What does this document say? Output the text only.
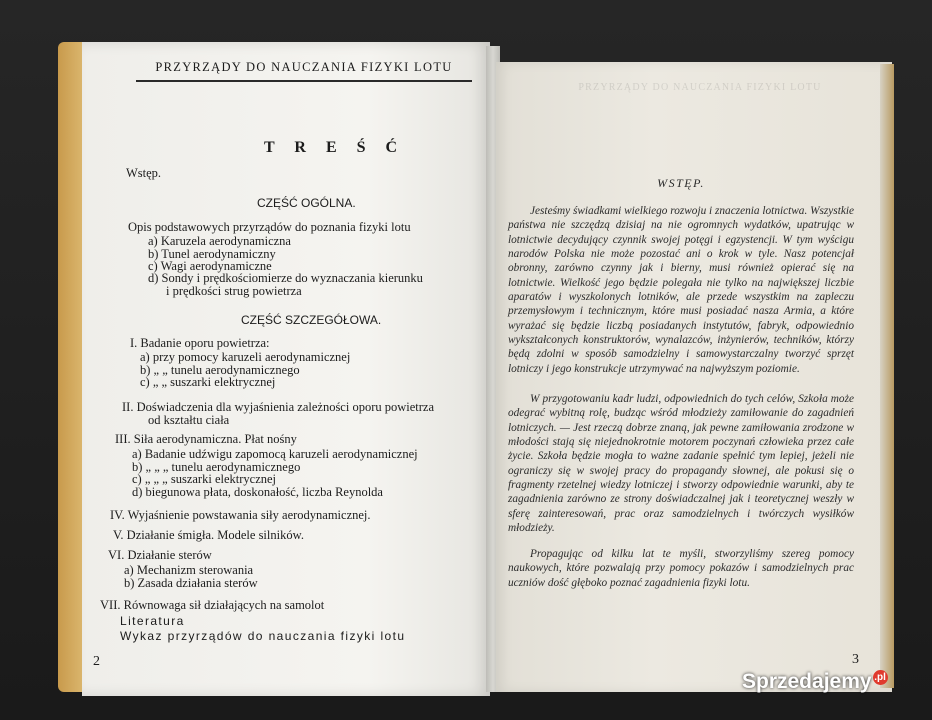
PRZYRZĄDY DO NAUCZANIA FIZYKI LOTU
T R E Ś Ć
Wstęp.
CZĘŚĆ OGÓLNA.
Opis podstawowych przyrządów do poznania fizyki lotu
a) Karuzela aerodynamiczna
b) Tunel aerodynamiczny
c) Wagi aerodynamiczne
d) Sondy i prędkościomierze do wyznaczania kierunku
i prędkości strug powietrza
CZĘŚĆ SZCZEGÓŁOWA.
I. Badanie oporu powietrza:
a) przy pomocy karuzeli aerodynamicznej
b) „ „ tunelu aerodynamicznego
c) „ „ suszarki elektrycznej
II. Doświadczenia dla wyjaśnienia zależności oporu powietrza
od kształtu ciała
III. Siła aerodynamiczna. Płat nośny
a) Badanie udźwigu zapomocą karuzeli aerodynamicznej
b) „ „ „ tunelu aerodynamicznego
c) „ „ „ suszarki elektrycznej
d) biegunowa płata, doskonałość, liczba Reynolda
IV. Wyjaśnienie powstawania siły aerodynamicznej.
V. Działanie śmigła. Modele silników.
VI. Działanie sterów
a) Mechanizm sterowania
b) Zasada działania sterów
VII. Równowaga sił działających na samolot
Literatura
Wykaz przyrządów do nauczania fizyki lotu
2
PRZYRZĄDY DO NAUCZANIA FIZYKI LOTU
WSTĘP.
Jesteśmy świadkami wielkiego rozwoju i znaczenia lotnictwa. Wszystkie państwa nie szczędzą dzisiaj na nie ogromnych wydatków, upatrując w lotnictwie decydujący czynnik swojej potęgi i egzystencji. W tym wyścigu narodów Polska nie może pozostać ani o krok w tyle. Nasz potencjał obronny, zarówno czynny jak i bierny, musi również opierać się na lotnictwie. Wielkość jego będzie polegała nie tylko na największej liczbie aparatów i wyszkolonych lotników, ale przede wszystkim na zapleczu przemysłowym i technicznym, które musi posiadać nasza Armia, a które wyrażać się będzie liczbą posiadanych instytutów, fabryk, odpowiednio wykształconych konstruktorów, wynalazców, inżynierów, techników, którzy będą zdolni w sposób samodzielny i samowystarczalny tworzyć sprzęt lotniczy i jego konstrukcje utrzymywać na najwyższym poziomie.
W przygotowaniu kadr ludzi, odpowiednich do tych celów, Szkoła może odegrać wybitną rolę, budząc wśród młodzieży zamiłowanie do zagadnień lotniczych. — Jest rzeczą dobrze znaną, jak pewne zamiłowania zrodzone w młodości stają się niejednokrotnie motorem poczynań człowieka przez całe życie. Szkoła będzie mogła to ważne zadanie spełnić tym lepiej, jeżeli nie ograniczy się w swojej pracy do propagandy słownej, ale pokusi się o fragmenty rzetelnej wiedzy lotniczej i stworzy odpowiednie warunki, aby te zagadnienia zarówno ze strony doświadczalnej jak i teoretycznej weszły w sferę zainteresowań, prac oraz samodzielnych i twórczych wysiłków młodzieży.
Propagując od kilku lat te myśli, stworzyliśmy szereg pomocy naukowych, które pozwalają przy pomocy pokazów i samodzielnych prac uczniów dość głęboko poznać zagadnienia fizyki lotu.
3
Sprzedajemy .pl
